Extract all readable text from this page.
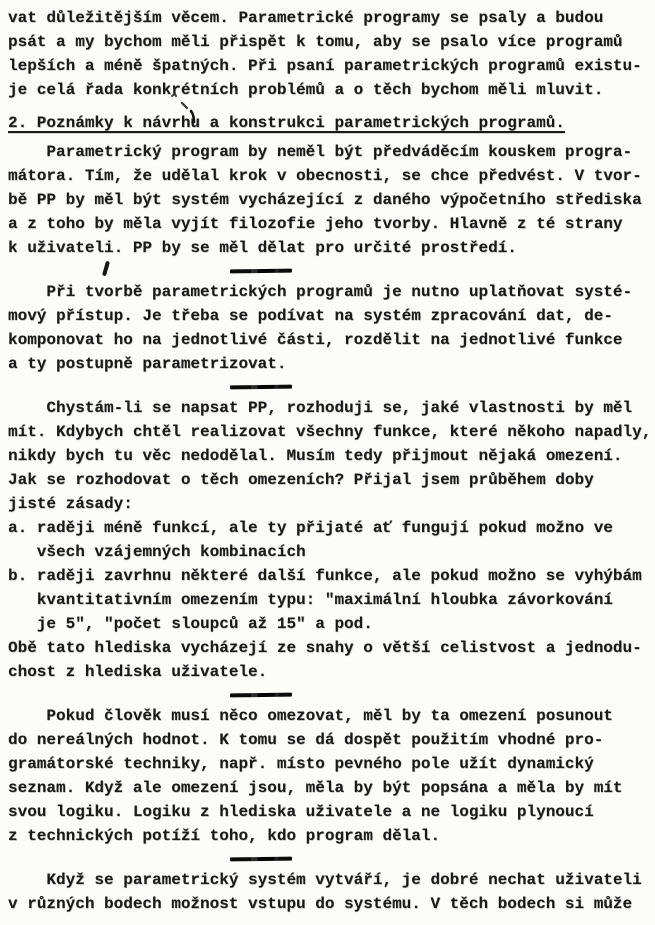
vat důležitějším věcem. Parametrické programy se psaly a budou
psát a my bychom měli přispět k tomu, aby se psalo více programů
lepších a méně špatných. Při psaní parametrických programů existu-
je celá řada konkrétních problémů a o těch bychom měli mluvit.
2. Poznámky k návrhu a konstrukci parametrických programů.
Parametrický program by neměl být předváděcím kouskem progra-
mátora. Tím, že udělal krok v obecnosti, se chce předvést. V tvor-
bě PP by měl být systém vycházející z daného výpočetního střediska
a z toho by měla vyjít filozofie jeho tvorby. Hlavně z té strany
k uživateli. PP by se měl dělat pro určité prostředí.
Při tvorbě parametrických programů je nutno uplatňovat systé-
mový přístup. Je třeba se podívat na systém zpracování dat, de-
komponovat ho na jednotlivé části, rozdělit na jednotlivé funkce
a ty postupně parametrizovat.
Chystám-li se napsat PP, rozhoduji se, jaké vlastnosti by měl
mít. Kdybych chtěl realizovat všechny funkce, které někoho napadly,
nikdy bych tu věc nedodělal. Musím tedy přijmout nějaká omezení.
Jak se rozhodovat o těch omezeních? Přijal jsem průběhem doby
jisté zásady:
a. raději méně funkcí, ale ty přijaté ať fungují pokud možno ve
všech vzájemných kombinacích
b. raději zavrhnu některé další funkce, ale pokud možno se vyhýbám
kvantitativním omezením typu: "maximální hloubka závorkování
je 5", "počet sloupců až 15" a pod.
Obě tato hlediska vycházejí ze snahy o větší celistvost a jednodu-
chost z hlediska uživatele.
Pokud člověk musí něco omezovat, měl by ta omezení posunout
do nereálných hodnot. K tomu se dá dospět použitím vhodné pro-
gramátorské techniky, např. místo pevného pole užít dynamický
seznam. Když ale omezení jsou, měla by být popsána a měla by mít
svou logiku. Logiku z hlediska uživatele a ne logiku plynoucí
z technických potíží toho, kdo program dělal.
Když se parametrický systém vytváří, je dobré nechat uživateli
v různých bodech možnost vstupu do systému. V těch bodech si může
